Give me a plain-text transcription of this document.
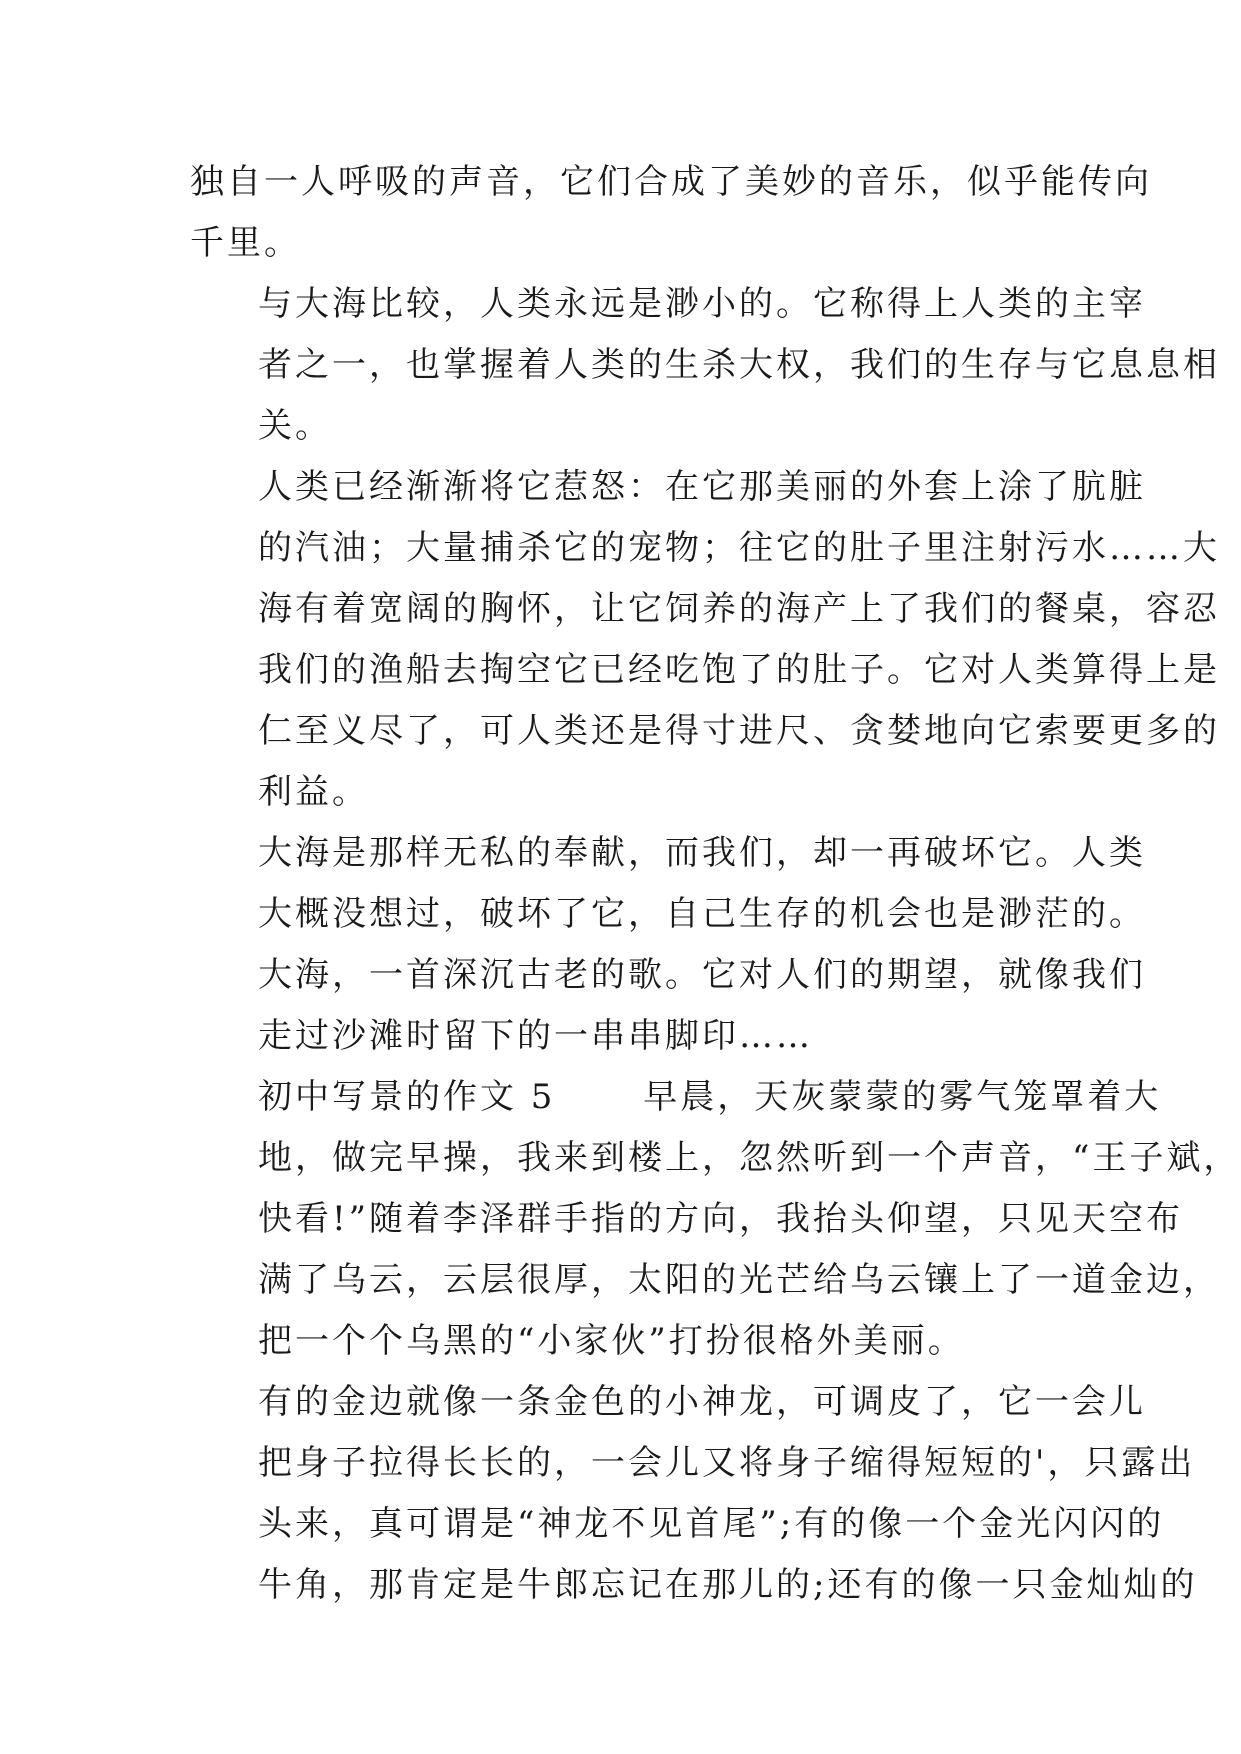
独自一人呼吸的声音，它们合成了美妙的音乐，似乎能传向
千里。
与大海比较，人类永远是渺小的。它称得上人类的主宰
者之一，也掌握着人类的生杀大权，我们的生存与它息息相
关。
人类已经渐渐将它惹怒：在它那美丽的外套上涂了肮脏
的汽油；大量捕杀它的宠物；往它的肚子里注射污水……大
海有着宽阔的胸怀，让它饲养的海产上了我们的餐桌，容忍
我们的渔船去掏空它已经吃饱了的肚子。它对人类算得上是
仁至义尽了，可人类还是得寸进尺、贪婪地向它索要更多的
利益。
大海是那样无私的奉献，而我们，却一再破坏它。人类
大概没想过，破坏了它，自己生存的机会也是渺茫的。
大海，一首深沉古老的歌。它对人们的期望，就像我们
走过沙滩时留下的一串串脚印……
初中写景的作文 5　　 早晨，天灰蒙蒙的雾气笼罩着大
地，做完早操，我来到楼上，忽然听到一个声音，“王子斌，
快看!”随着李泽群手指的方向，我抬头仰望，只见天空布
满了乌云，云层很厚，太阳的光芒给乌云镶上了一道金边，
把一个个乌黑的“小家伙”打扮很格外美丽。
有的金边就像一条金色的小神龙，可调皮了，它一会儿
把身子拉得长长的，一会儿又将身子缩得短短的'，只露出
头来，真可谓是“神龙不见首尾”;有的像一个金光闪闪的
牛角，那肯定是牛郎忘记在那儿的;还有的像一只金灿灿的
